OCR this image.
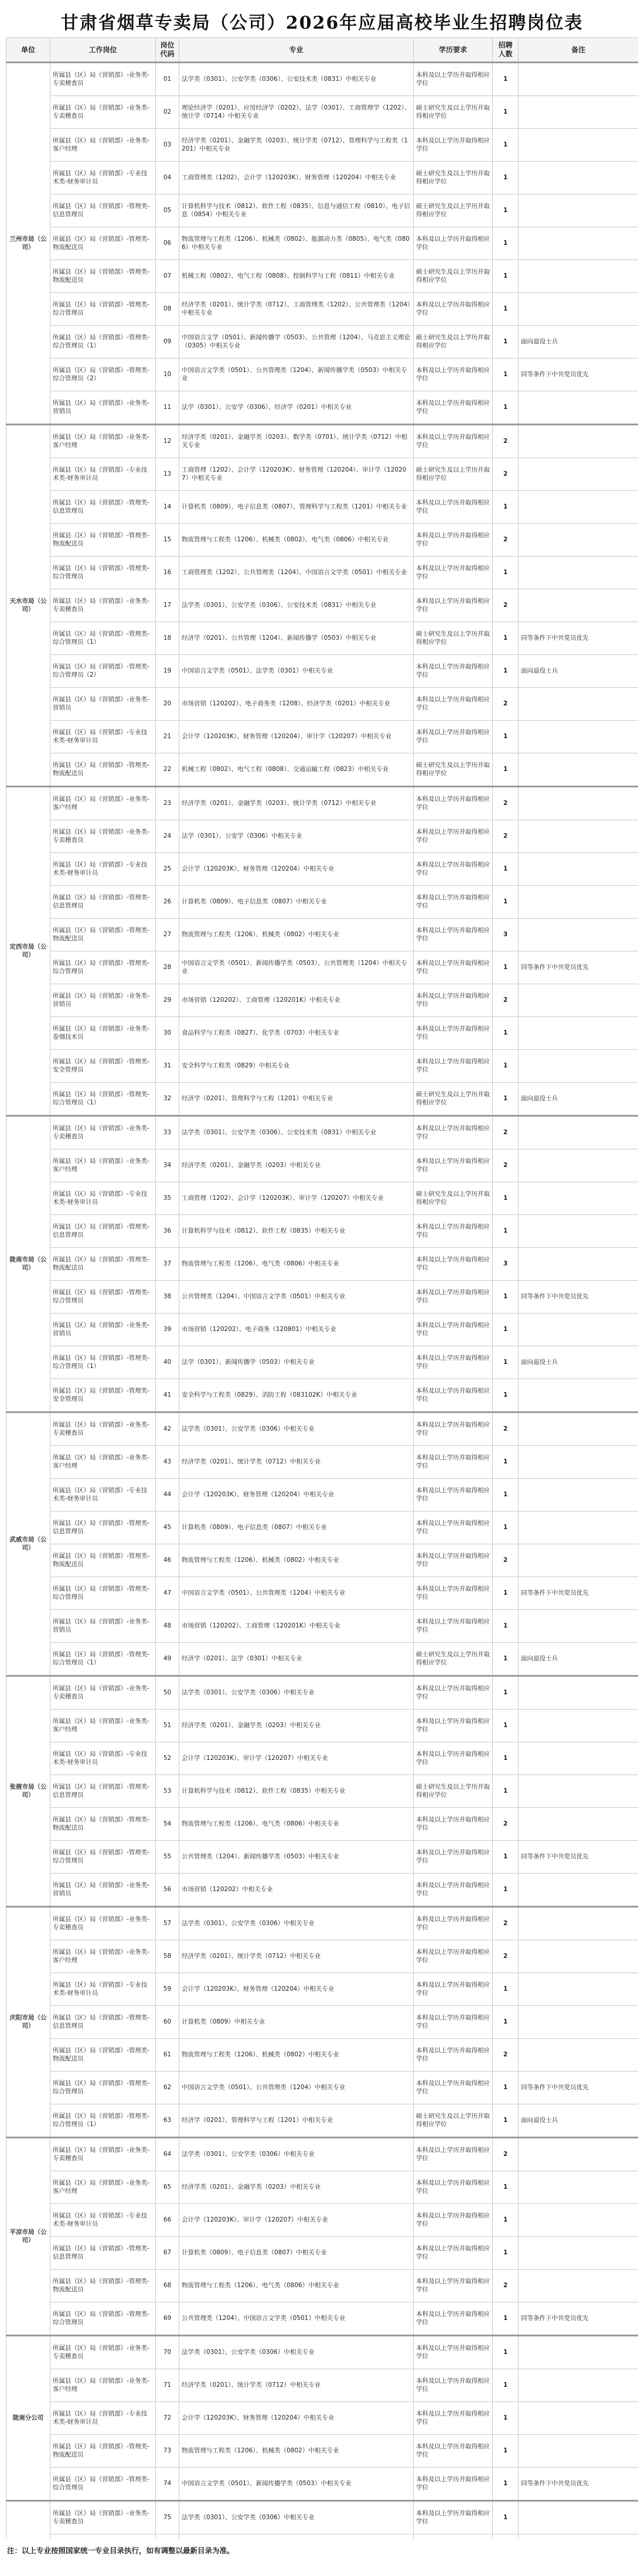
甘肃省烟草专卖局（公司）2026年应届高校毕业生招聘岗位表
单位	工作岗位	岗位代码	专业	学历要求	招聘人数	备注
兰州市局（公司）	所属县（区）局（营销部）-业务类-专卖稽查员	01	法学类（0301）、公安学类（0306）、公安技术类（0831）中相关专业	本科及以上学历并取得相应学位	1	
	所属县（区）局（营销部）-业务类-专卖稽查员	02	理论经济学（0201）、应用经济学（0202）、法学（0301）、工商管理学（1202）、统计学（0714）中相关专业	硕士研究生及以上学历并取得相应学位	1	
	所属县（区）局（营销部）-业务类-客户经理	03	经济学类（0201）、金融学类（0203）、统计学类（0712）、管理科学与工程类（1201）中相关专业	本科及以上学历并取得相应学位	1	
	所属县（区）局（营销部）-专业技术类-财务审计员	04	工商管理类（1202）、会计学（120203K）、财务管理（120204）中相关专业	硕士研究生及以上学历并取得相应学位	1	
	所属县（区）局（营销部）-管理类-信息管理员	05	计算机科学与技术（0812）、软件工程（0835）、信息与通信工程（0810）、电子信息（0854）中相关专业	硕士研究生及以上学历并取得相应学位	1	
	所属县（区）局（营销部）-管理类-物流配送员	06	物流管理与工程类（1206）、机械类（0802）、能源动力类（0805）、电气类（0806）中相关专业	本科及以上学历并取得相应学位	1	
	所属县（区）局（营销部）-管理类-物流配送员	07	机械工程（0802）、电气工程（0808）、控制科学与工程（0811）中相关专业	硕士研究生及以上学历并取得相应学位	1	
	所属县（区）局（营销部）-管理类-综合管理员	08	经济学类（0201）、统计学类（0712）、工商管理类（1202）、公共管理类（1204）中相关专业	本科及以上学历并取得相应学位	1	
	所属县（区）局（营销部）-管理类-综合管理员（1）	09	中国语言文学（0501）、新闻传播学（0503）、公共管理（1204）、马克思主义理论（0305）中相关专业	硕士研究生及以上学历并取得相应学位	1	面向退役士兵
	所属县（区）局（营销部）-管理类-综合管理员（2）	10	中国语言文学类（0501）、公共管理类（1204）、新闻传播学类（0503）中相关专业	本科及以上学历并取得相应学位	1	同等条件下中共党员优先
	所属县（区）局（营销部）-业务类-营销员	11	法学（0301）、公安学（0306）、经济学（0201）中相关专业	本科及以上学历并取得相应学位	1	
天水市局（公司）	所属县（区）局（营销部）-业务类-客户经理	12	经济学类（0201）、金融学类（0203）、数学类（0701）、统计学类（0712）中相关专业	本科及以上学历并取得相应学位	2	
	所属县（区）局（营销部）-专业技术类-财务审计员	13	工商管理（1202）、会计学（120203K）、财务管理（120204）、审计学（120207）中相关专业	硕士研究生及以上学历并取得相应学位	2	
	所属县（区）局（营销部）-管理类-信息管理员	14	计算机类（0809）、电子信息类（0807）、管理科学与工程类（1201）中相关专业	本科及以上学历并取得相应学位	1	
	所属县（区）局（营销部）-管理类-物流配送员	15	物流管理与工程类（1206）、机械类（0802）、电气类（0806）中相关专业	本科及以上学历并取得相应学位	2	
	所属县（区）局（营销部）-管理类-综合管理员	16	工商管理类（1202）、公共管理类（1204）、中国语言文学类（0501）中相关专业	本科及以上学历并取得相应学位	1	
	所属县（区）局（营销部）-业务类-专卖稽查员	17	法学类（0301）、公安学类（0306）、公安技术类（0831）中相关专业	本科及以上学历并取得相应学位	2	
	所属县（区）局（营销部）-管理类-综合管理员（1）	18	经济学（0201）、公共管理（1204）、新闻传播学（0503）中相关专业	硕士研究生及以上学历并取得相应学位	1	同等条件下中共党员优先
	所属县（区）局（营销部）-管理类-综合管理员（2）	19	中国语言文学类（0501）、法学类（0301）中相关专业	本科及以上学历并取得相应学位	1	面向退役士兵
	所属县（区）局（营销部）-业务类-营销员	20	市场营销（120202）、电子商务类（1208）、经济学类（0201）中相关专业	本科及以上学历并取得相应学位	2	
	所属县（区）局（营销部）-专业技术类-财务审计员	21	会计学（120203K）、财务管理（120204）、审计学（120207）中相关专业	本科及以上学历并取得相应学位	1	
	所属县（区）局（营销部）-管理类-物流配送员	22	机械工程（0802）、电气工程（0808）、交通运输工程（0823）中相关专业	硕士研究生及以上学历并取得相应学位	1	
定西市局（公司）	所属县（区）局（营销部）-业务类-客户经理	23	经济学类（0201）、金融学类（0203）、统计学类（0712）中相关专业	本科及以上学历并取得相应学位	2	
	所属县（区）局（营销部）-业务类-专卖稽查员	24	法学（0301）、公安学（0306）中相关专业	本科及以上学历并取得相应学位	2	
	所属县（区）局（营销部）-专业技术类-财务审计员	25	会计学（120203K）、财务管理（120204）中相关专业	本科及以上学历并取得相应学位	1	
	所属县（区）局（营销部）-管理类-信息管理员	26	计算机类（0809）、电子信息类（0807）中相关专业	本科及以上学历并取得相应学位	1	
	所属县（区）局（营销部）-管理类-物流配送员	27	物流管理与工程类（1206）、机械类（0802）中相关专业	本科及以上学历并取得相应学位	3	
	所属县（区）局（营销部）-管理类-综合管理员	28	中国语言文学类（0501）、新闻传播学类（0503）、公共管理类（1204）中相关专业	本科及以上学历并取得相应学位	1	同等条件下中共党员优先
	所属县（区）局（营销部）-业务类-营销员	29	市场营销（120202）、工商管理（120201K）中相关专业	本科及以上学历并取得相应学位	2	
	所属县（区）局（营销部）-业务类-卷烟技术员	30	食品科学与工程类（0827）、化学类（0703）中相关专业	本科及以上学历并取得相应学位	1	
	所属县（区）局（营销部）-管理类-安全管理员	31	安全科学与工程类（0829）中相关专业	本科及以上学历并取得相应学位	1	
	所属县（区）局（营销部）-管理类-综合管理员（1）	32	经济学（0201）、管理科学与工程（1201）中相关专业	硕士研究生及以上学历并取得相应学位	1	面向退役士兵
陇南市局（公司）	所属县（区）局（营销部）-业务类-专卖稽查员	33	法学类（0301）、公安学类（0306）、公安技术类（0831）中相关专业	本科及以上学历并取得相应学位	2	
	所属县（区）局（营销部）-业务类-客户经理	34	经济学类（0201）、金融学类（0203）中相关专业	本科及以上学历并取得相应学位	2	
	所属县（区）局（营销部）-专业技术类-财务审计员	35	工商管理（1202）、会计学（120203K）、审计学（120207）中相关专业	硕士研究生及以上学历并取得相应学位	1	
	所属县（区）局（营销部）-管理类-信息管理员	36	计算机科学与技术（0812）、软件工程（0835）中相关专业	本科及以上学历并取得相应学位	1	
	所属县（区）局（营销部）-管理类-物流配送员	37	物流管理与工程类（1206）、电气类（0806）中相关专业	本科及以上学历并取得相应学位	3	
	所属县（区）局（营销部）-管理类-综合管理员	38	公共管理类（1204）、中国语言文学类（0501）中相关专业	本科及以上学历并取得相应学位	1	同等条件下中共党员优先
	所属县（区）局（营销部）-业务类-营销员	39	市场营销（120202）、电子商务（120801）中相关专业	本科及以上学历并取得相应学位	1	
	所属县（区）局（营销部）-管理类-综合管理员（1）	40	法学（0301）、新闻传播学（0503）中相关专业	本科及以上学历并取得相应学位	1	面向退役士兵
	所属县（区）局（营销部）-管理类-安全管理员	41	安全科学与工程类（0829）、消防工程（083102K）中相关专业	本科及以上学历并取得相应学位	1	
武威市局（公司）	所属县（区）局（营销部）-业务类-专卖稽查员	42	法学类（0301）、公安学类（0306）中相关专业	本科及以上学历并取得相应学位	2	
	所属县（区）局（营销部）-业务类-客户经理	43	经济学类（0201）、统计学类（0712）中相关专业	本科及以上学历并取得相应学位	1	
	所属县（区）局（营销部）-专业技术类-财务审计员	44	会计学（120203K）、财务管理（120204）中相关专业	本科及以上学历并取得相应学位	1	
	所属县（区）局（营销部）-管理类-信息管理员	45	计算机类（0809）、电子信息类（0807）中相关专业	本科及以上学历并取得相应学位	1	
	所属县（区）局（营销部）-管理类-物流配送员	46	物流管理与工程类（1206）、机械类（0802）中相关专业	本科及以上学历并取得相应学位	2	
	所属县（区）局（营销部）-管理类-综合管理员	47	中国语言文学类（0501）、公共管理类（1204）中相关专业	本科及以上学历并取得相应学位	1	同等条件下中共党员优先
	所属县（区）局（营销部）-业务类-营销员	48	市场营销（120202）、工商管理（120201K）中相关专业	本科及以上学历并取得相应学位	1	
	所属县（区）局（营销部）-管理类-综合管理员（1）	49	经济学（0201）、法学（0301）中相关专业	硕士研究生及以上学历并取得相应学位	1	面向退役士兵
张掖市局（公司）	所属县（区）局（营销部）-业务类-专卖稽查员	50	法学类（0301）、公安学类（0306）中相关专业	本科及以上学历并取得相应学位	1	
	所属县（区）局（营销部）-业务类-客户经理	51	经济学类（0201）、金融学类（0203）中相关专业	本科及以上学历并取得相应学位	1	
	所属县（区）局（营销部）-专业技术类-财务审计员	52	会计学（120203K）、审计学（120207）中相关专业	本科及以上学历并取得相应学位	1	
	所属县（区）局（营销部）-管理类-信息管理员	53	计算机科学与技术（0812）、软件工程（0835）中相关专业	硕士研究生及以上学历并取得相应学位	1	
	所属县（区）局（营销部）-管理类-物流配送员	54	物流管理与工程类（1206）、电气类（0806）中相关专业	本科及以上学历并取得相应学位	2	
	所属县（区）局（营销部）-管理类-综合管理员	55	公共管理类（1204）、新闻传播学类（0503）中相关专业	本科及以上学历并取得相应学位	1	同等条件下中共党员优先
	所属县（区）局（营销部）-业务类-营销员	56	市场营销（120202）中相关专业	本科及以上学历并取得相应学位	1	
庆阳市局（公司）	所属县（区）局（营销部）-业务类-专卖稽查员	57	法学类（0301）、公安学类（0306）中相关专业	本科及以上学历并取得相应学位	2	
	所属县（区）局（营销部）-业务类-客户经理	58	经济学类（0201）、统计学类（0712）中相关专业	本科及以上学历并取得相应学位	2	
	所属县（区）局（营销部）-专业技术类-财务审计员	59	会计学（120203K）、财务管理（120204）中相关专业	本科及以上学历并取得相应学位	1	
	所属县（区）局（营销部）-管理类-信息管理员	60	计算机类（0809）中相关专业	本科及以上学历并取得相应学位	1	
	所属县（区）局（营销部）-管理类-物流配送员	61	物流管理与工程类（1206）、机械类（0802）中相关专业	本科及以上学历并取得相应学位	2	
	所属县（区）局（营销部）-管理类-综合管理员	62	中国语言文学类（0501）、公共管理类（1204）中相关专业	本科及以上学历并取得相应学位	1	同等条件下中共党员优先
	所属县（区）局（营销部）-管理类-综合管理员（1）	63	经济学（0201）、管理科学与工程（1201）中相关专业	硕士研究生及以上学历并取得相应学位	1	面向退役士兵
平凉市局（公司）	所属县（区）局（营销部）-业务类-专卖稽查员	64	法学类（0301）、公安学类（0306）中相关专业	本科及以上学历并取得相应学位	2	
	所属县（区）局（营销部）-业务类-客户经理	65	经济学类（0201）、金融学类（0203）中相关专业	本科及以上学历并取得相应学位	1	
	所属县（区）局（营销部）-专业技术类-财务审计员	66	会计学（120203K）、审计学（120207）中相关专业	本科及以上学历并取得相应学位	1	
	所属县（区）局（营销部）-管理类-信息管理员	67	计算机类（0809）、电子信息类（0807）中相关专业	本科及以上学历并取得相应学位	1	
	所属县（区）局（营销部）-管理类-物流配送员	68	物流管理与工程类（1206）、电气类（0806）中相关专业	本科及以上学历并取得相应学位	2	
	所属县（区）局（营销部）-管理类-综合管理员	69	公共管理类（1204）、中国语言文学类（0501）中相关专业	本科及以上学历并取得相应学位	1	同等条件下中共党员优先
陇南分公司	所属县（区）局（营销部）-业务类-专卖稽查员	70	法学类（0301）、公安学类（0306）中相关专业	本科及以上学历并取得相应学位	1	
	所属县（区）局（营销部）-业务类-客户经理	71	经济学类（0201）、统计学类（0712）中相关专业	本科及以上学历并取得相应学位	1	
	所属县（区）局（营销部）-专业技术类-财务审计员	72	会计学（120203K）、财务管理（120204）中相关专业	本科及以上学历并取得相应学位	1	
	所属县（区）局（营销部）-管理类-物流配送员	73	物流管理与工程类（1206）、机械类（0802）中相关专业	本科及以上学历并取得相应学位	1	
	所属县（区）局（营销部）-管理类-综合管理员	74	中国语言文学类（0501）、新闻传播学类（0503）中相关专业	本科及以上学历并取得相应学位	1	同等条件下中共党员优先
	所属县（区）局（营销部）-业务类-专卖稽查员	75	法学类（0301）、公安学类（0306）中相关专业	本科及以上学历并取得相应学位	1	

注：以上专业按照国家统一专业目录执行，如有调整以最新目录为准。
